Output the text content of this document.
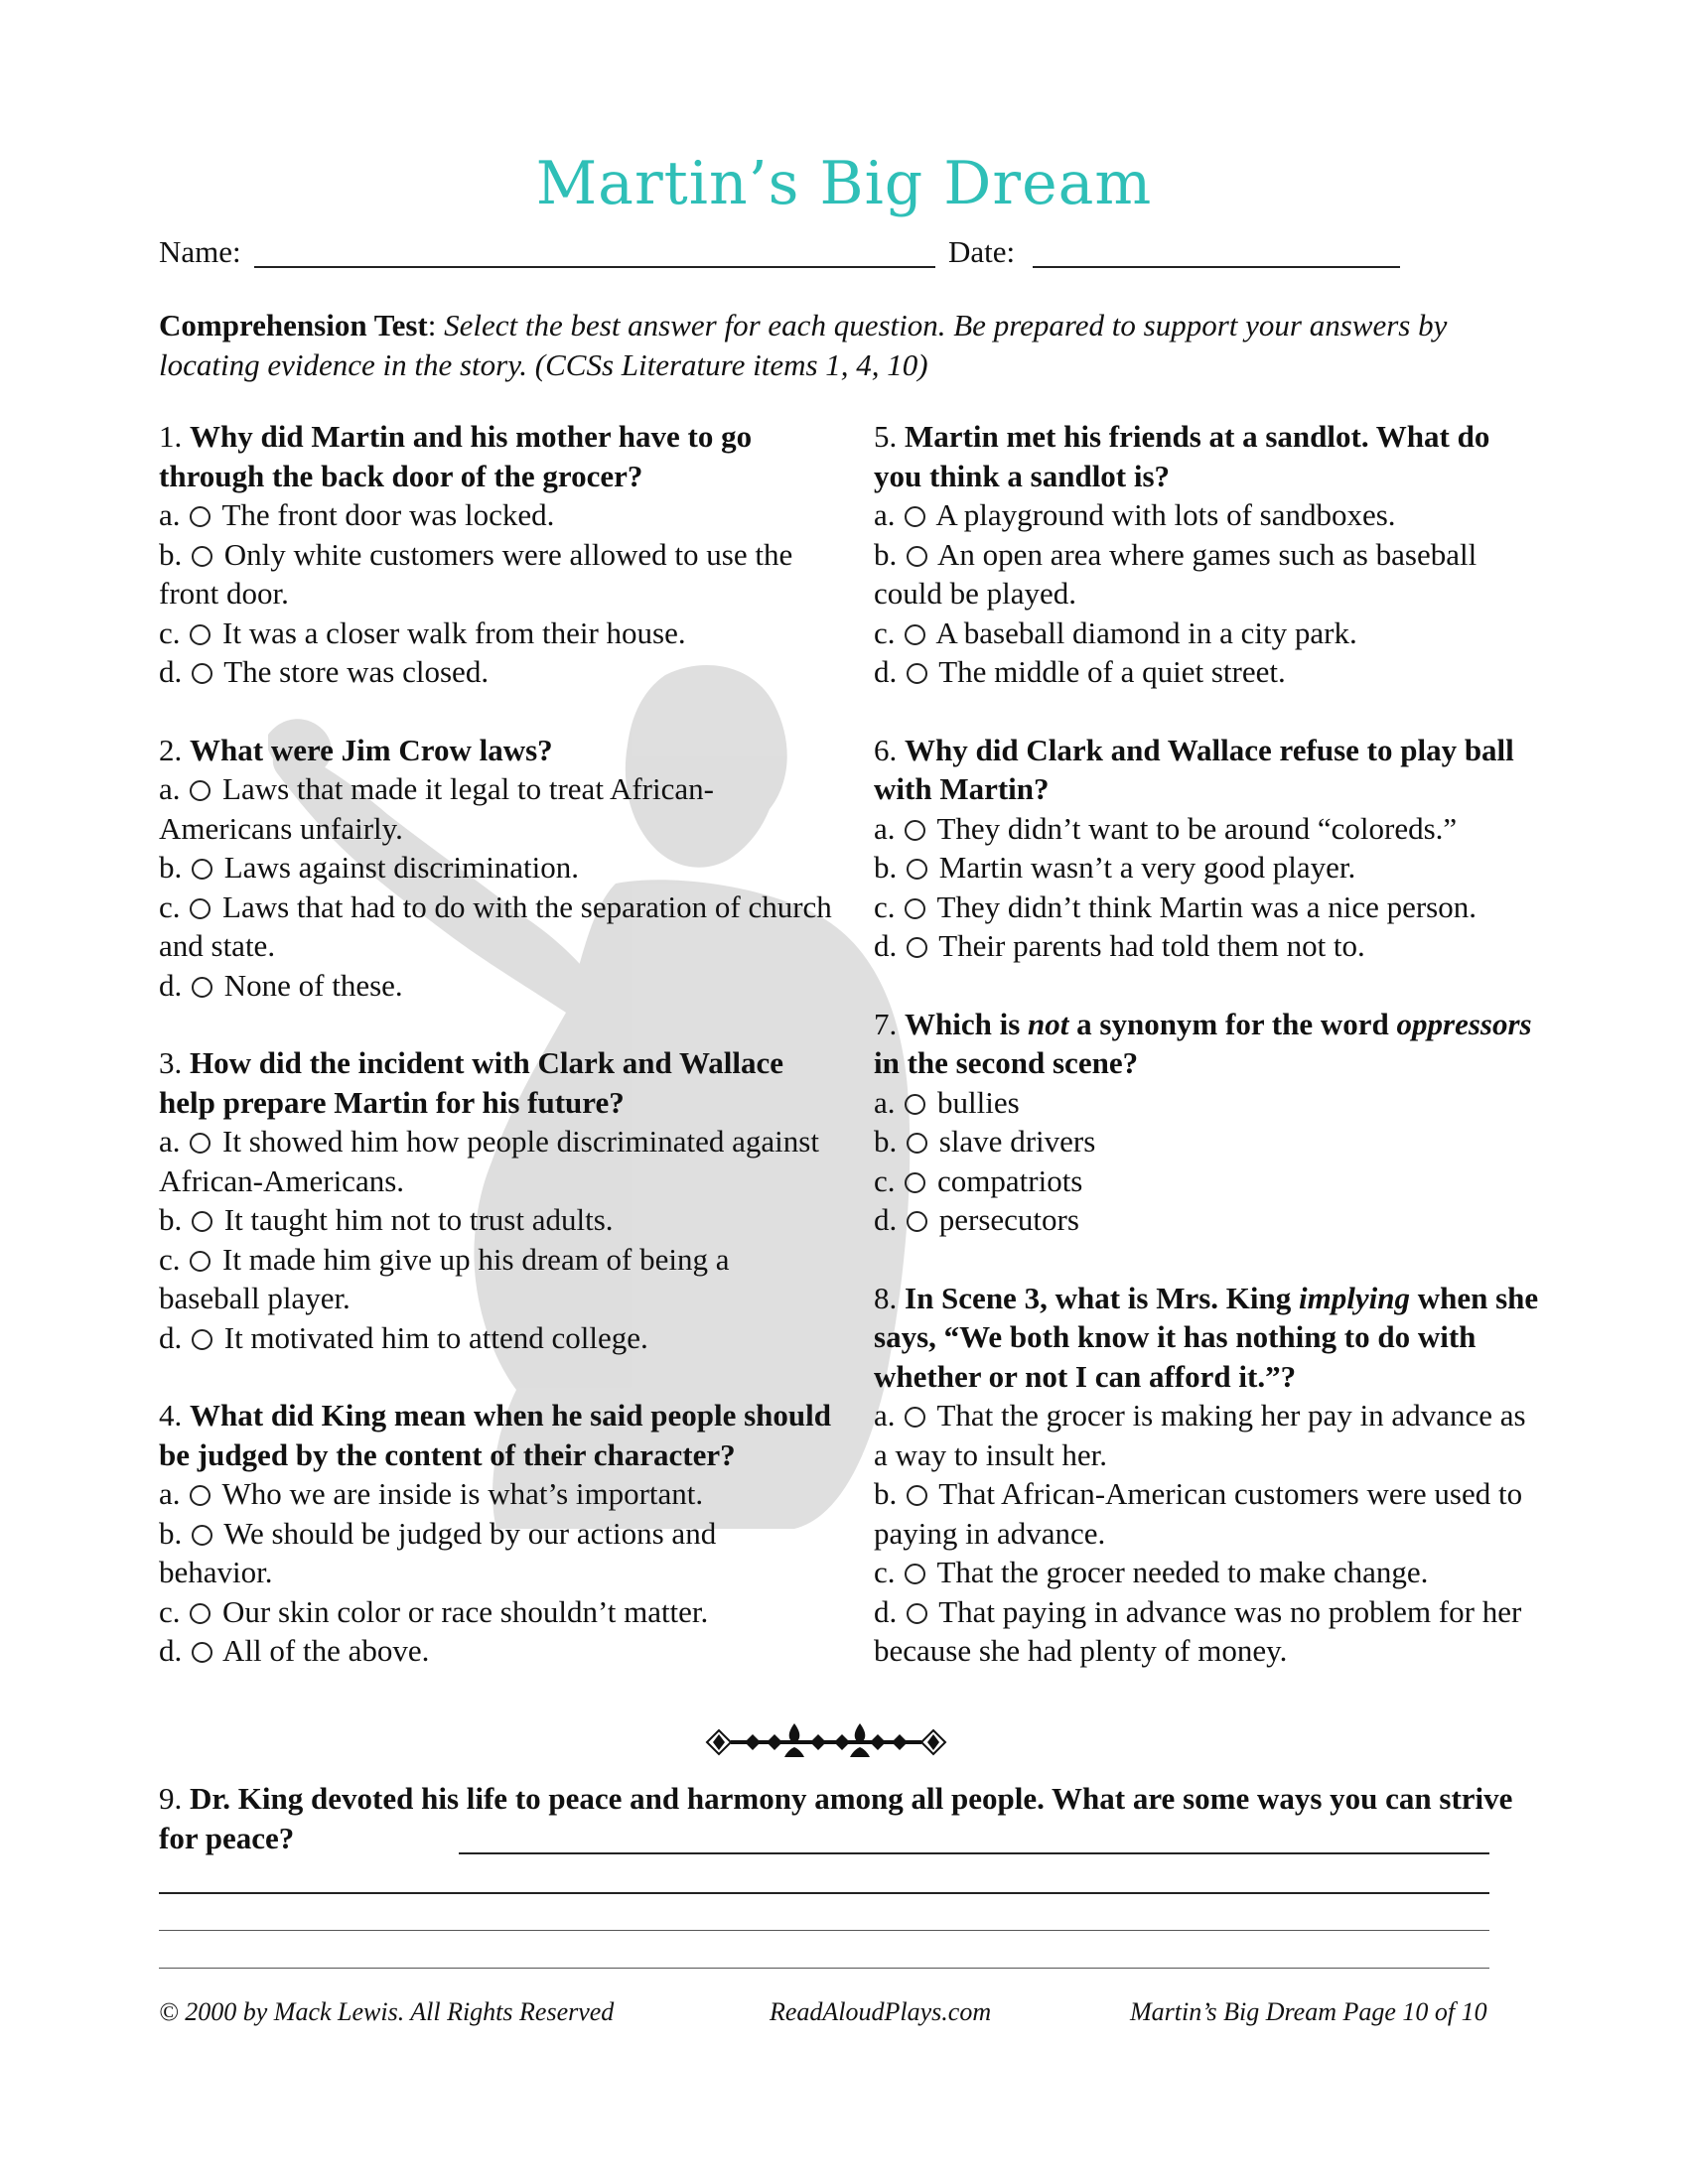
Martin’s Big Dream
Name:	Date:
Comprehension Test: Select the best answer for each question. Be prepared to support your answers by locating evidence in the story. (CCSs Literature items 1, 4, 10)
1. Why did Martin and his mother have to go through the back door of the grocer?
a. The front door was locked.
b. Only white customers were allowed to use the front door.
c. It was a closer walk from their house.
d. The store was closed.
2. What were Jim Crow laws?
a. Laws that made it legal to treat African-Americans unfairly.
b. Laws against discrimination.
c. Laws that had to do with the separation of church and state.
d. None of these.
3. How did the incident with Clark and Wallace help prepare Martin for his future?
a. It showed him how people discriminated against African-Americans.
b. It taught him not to trust adults.
c. It made him give up his dream of being a baseball player.
d. It motivated him to attend college.
4. What did King mean when he said people should be judged by the content of their character?
a. Who we are inside is what’s important.
b. We should be judged by our actions and behavior.
c. Our skin color or race shouldn’t matter.
d. All of the above.
5. Martin met his friends at a sandlot. What do you think a sandlot is?
a. A playground with lots of sandboxes.
b. An open area where games such as baseball could be played.
c. A baseball diamond in a city park.
d. The middle of a quiet street.
6. Why did Clark and Wallace refuse to play ball with Martin?
a. They didn’t want to be around “coloreds.”
b. Martin wasn’t a very good player.
c. They didn’t think Martin was a nice person.
d. Their parents had told them not to.
7. Which is not a synonym for the word oppressors in the second scene?
a. bullies
b. slave drivers
c. compatriots
d. persecutors
8. In Scene 3, what is Mrs. King implying when she says, “We both know it has nothing to do with whether or not I can afford it.”?
a. That the grocer is making her pay in advance as a way to insult her.
b. That African-American customers were used to paying in advance.
c. That the grocer needed to make change.
d. That paying in advance was no problem for her because she had plenty of money.
9. Dr. King devoted his life to peace and harmony among all people. What are some ways you can strive for peace?
© 2000 by Mack Lewis. All Rights Reserved	ReadAloudPlays.com	Martin’s Big Dream Page 10 of 10
